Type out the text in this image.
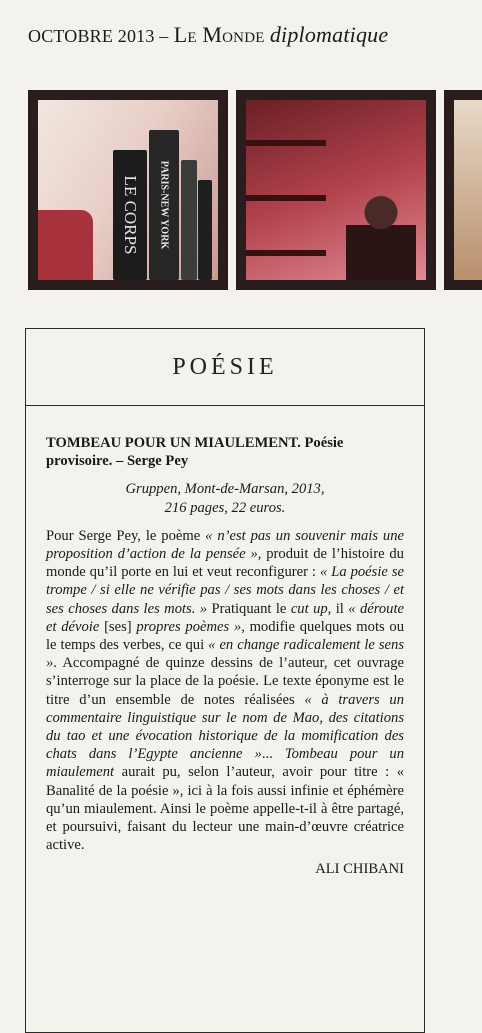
OCTOBRE 2013 – Le Monde diplomatique
LE CORPS PARIS-NEW YORK
POÉSIE

TOMBEAU POUR UN MIAULEMENT. Poésie provisoire. – Serge Pey

Gruppen, Mont-de-Marsan, 2013,
216 pages, 22 euros.

Pour Serge Pey, le poème « n’est pas un souvenir mais une proposition d’action de la pensée », produit de l’histoire du monde qu’il porte en lui et veut reconfigurer : « La poésie se trompe / si elle ne vérifie pas / ses mots dans les choses / et ses choses dans les mots. » Pratiquant le cut up, il « déroute et dévoie [ses] propres poèmes », modifie quelques mots ou le temps des verbes, ce qui « en change radicalement le sens ». Accompagné de quinze dessins de l’auteur, cet ouvrage s’interroge sur la place de la poésie. Le texte éponyme est le titre d’un ensemble de notes réalisées « à travers un commentaire linguistique sur le nom de Mao, des citations du tao et une évocation historique de la momification des chats dans l’Egypte ancienne »... Tombeau pour un miaulement aurait pu, selon l’auteur, avoir pour titre : « Banalité de la poésie », ici à la fois aussi infinie et éphémère qu’un miaulement. Ainsi le poème appelle-t-il à être partagé, et poursuivi, faisant du lecteur une main-d’œuvre créatrice active.

ALI CHIBANI
